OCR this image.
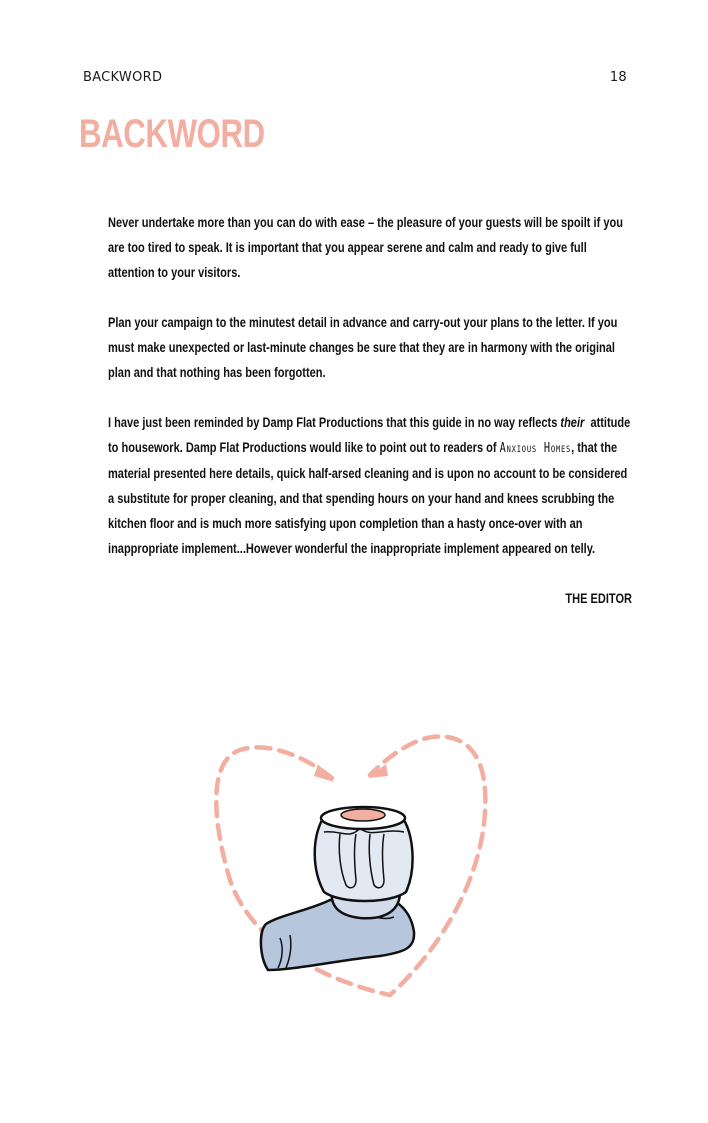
BACKWORD	18
BACKWORD

Never undertake more than you can do with ease – the pleasure of your guests will be spoilt if you are too tired to speak. It is important that you appear serene and calm and ready to give full attention to your visitors.

Plan your campaign to the minutest detail in advance and carry-out your plans to the letter. If you must make unexpected or last-minute changes be sure that they are in harmony with the original plan and that nothing has been forgotten.

I have just been reminded by Damp Flat Productions that this guide in no way reflects their  attitude to housework. Damp Flat Productions would like to point out to readers of Anxious Homes, that the material presented here details, quick half-arsed cleaning and is upon no account to be considered a substitute for proper cleaning, and that spending hours on your hand and knees scrubbing the kitchen floor and is much more satisfying upon completion than a hasty once-over with an inappropriate implement...However wonderful the inappropriate implement appeared on telly.

THE EDITOR
